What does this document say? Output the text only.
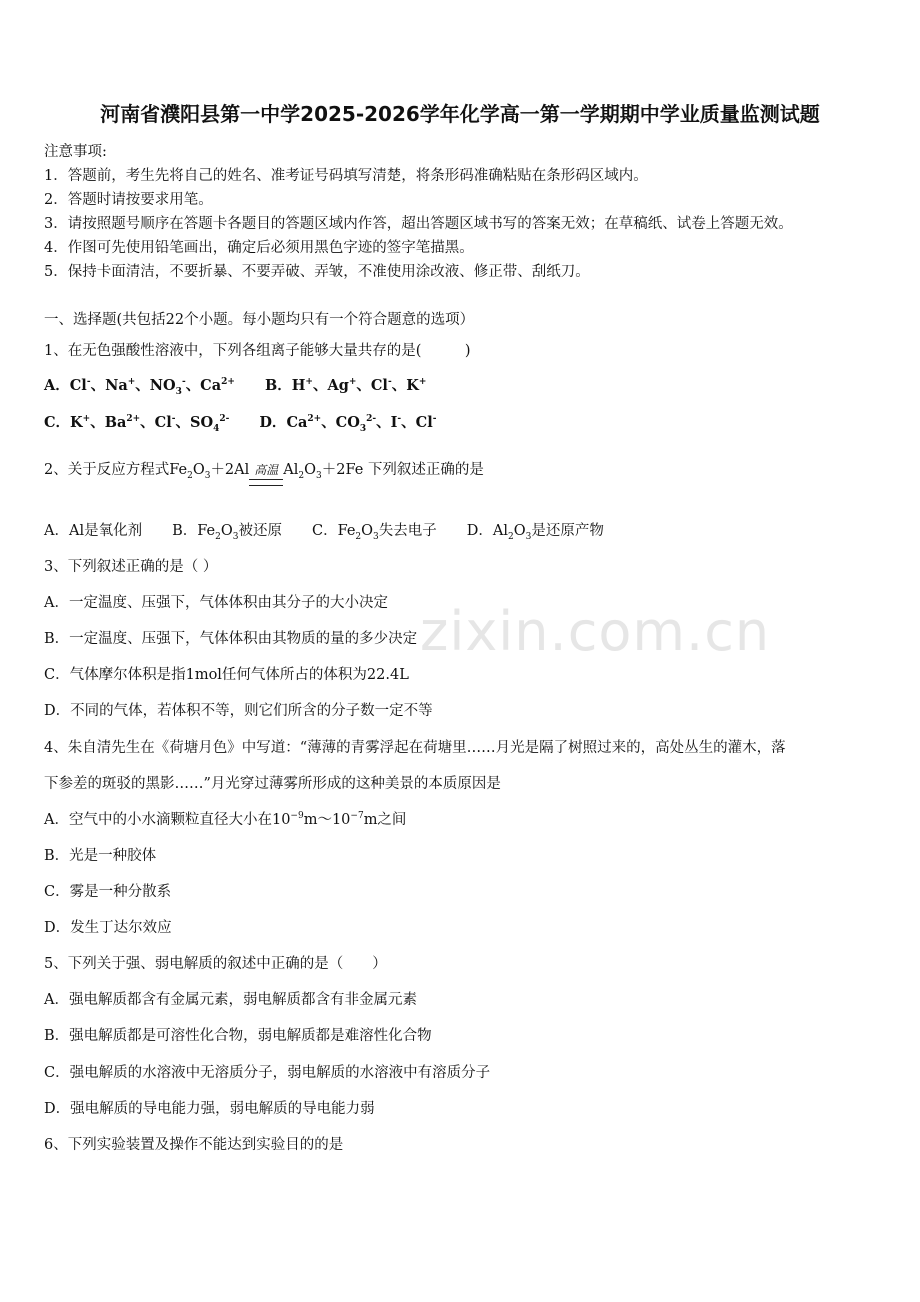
zixin.com.cn
河南省濮阳县第一中学2025-2026学年化学高一第一学期期中学业质量监测试题
注意事项:
1．答题前，考生先将自己的姓名、准考证号码填写清楚，将条形码准确粘贴在条形码区域内。
2．答题时请按要求用笔。
3．请按照题号顺序在答题卡各题目的答题区域内作答，超出答题区域书写的答案无效；在草稿纸、试卷上答题无效。
4．作图可先使用铅笔画出，确定后必须用黑色字迹的签字笔描黑。
5．保持卡面清洁，不要折暴、不要弄破、弄皱，不准使用涂改液、修正带、刮纸刀。
一、选择题(共包括22个小题。每小题均只有一个符合题意的选项）
1、在无色强酸性溶液中，下列各组离子能够大量共存的是(　　　)
A．Cl-、Na+、$NO_3^-$、$Ca^{2+}$ B．H+、Ag+、Cl-、K+
C．K+、$Ba^{2+}$、Cl-、$SO_4^{2-}$ D．$Ca^{2+}$、$CO_3^{2-}$、I-、Cl-
2、关于反应方程式$Fe_2O_3+2Al$ 高温 $Al_2O_3+2Fe$ 下列叙述正确的是
A．Al是氧化剂 B．$Fe_2O_3$被还原 C．$Fe_2O_3$失去电子 D．$Al_2O_3$是还原产物
3、下列叙述正确的是（ ）
A．一定温度、压强下，气体体积由其分子的大小决定
B．一定温度、压强下，气体体积由其物质的量的多少决定
C．气体摩尔体积是指1mol任何气体所占的体积为22.4L
D．不同的气体，若体积不等，则它们所含的分子数一定不等
4、朱自清先生在《荷塘月色》中写道：“薄薄的青雾浮起在荷塘里……月光是隔了树照过来的，高处丛生的灌木，落
下参差的斑驳的黑影……”月光穿过薄雾所形成的这种美景的本质原因是
A．空气中的小水滴颗粒直径大小在$10^{-9}m\sim 10^{-7}m$之间
B．光是一种胶体
C．雾是一种分散系
D．发生丁达尔效应
5、下列关于强、弱电解质的叙述中正确的是（　　）
A．强电解质都含有金属元素，弱电解质都含有非金属元素
B．强电解质都是可溶性化合物，弱电解质都是难溶性化合物
C．强电解质的水溶液中无溶质分子，弱电解质的水溶液中有溶质分子
D．强电解质的导电能力强，弱电解质的导电能力弱
6、下列实验装置及操作不能达到实验目的的是
